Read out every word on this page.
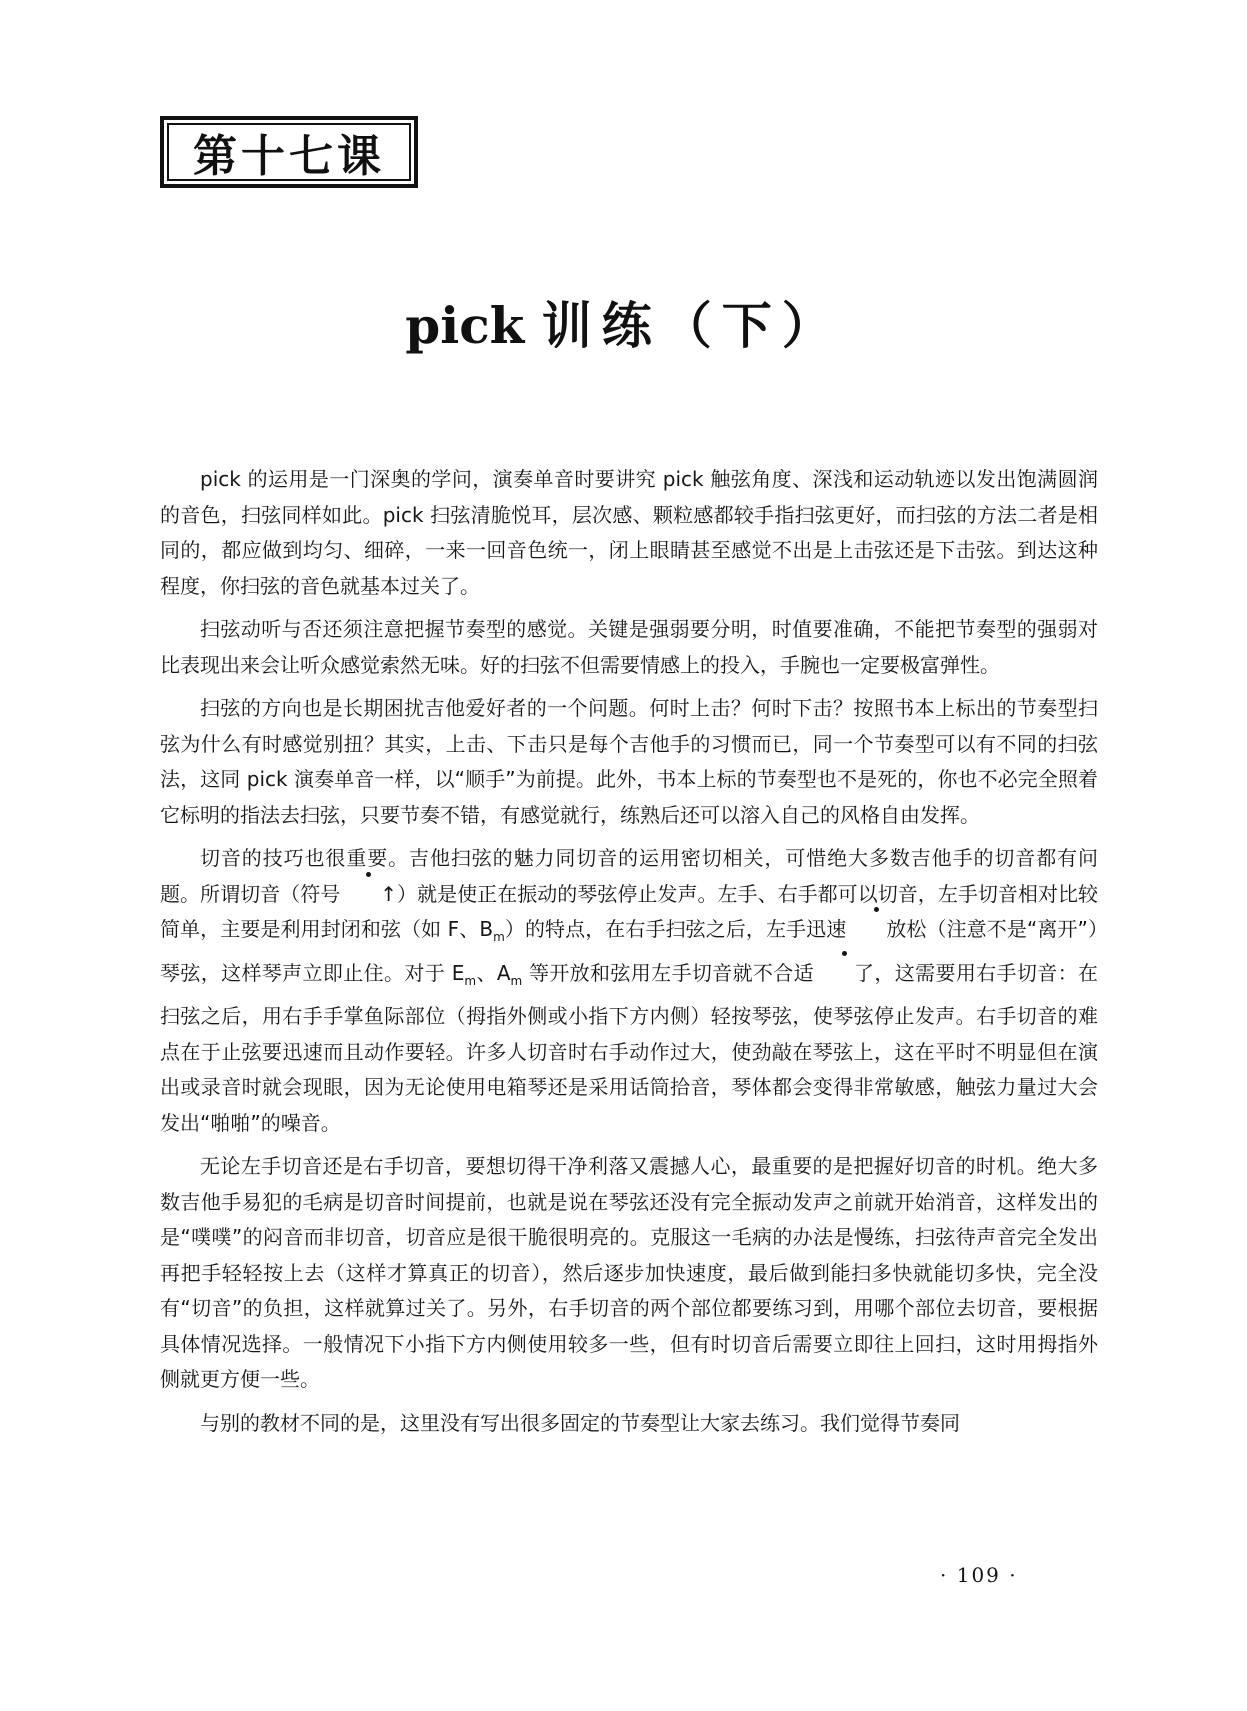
第十七课
pick 训练（下）

pick 的运用是一门深奥的学问，演奏单音时要讲究 pick 触弦角度、深浅和运动轨迹以发出饱满圆润的音色，扫弦同样如此。pick 扫弦清脆悦耳，层次感、颗粒感都较手指扫弦更好，而扫弦的方法二者是相同的，都应做到均匀、细碎，一来一回音色统一，闭上眼睛甚至感觉不出是上击弦还是下击弦。到达这种程度，你扫弦的音色就基本过关了。

扫弦动听与否还须注意把握节奏型的感觉。关键是强弱要分明，时值要准确，不能把节奏型的强弱对比表现出来会让听众感觉索然无味。好的扫弦不但需要情感上的投入，手腕也一定要极富弹性。

扫弦的方向也是长期困扰吉他爱好者的一个问题。何时上击？何时下击？按照书本上标出的节奏型扫弦为什么有时感觉别扭？其实，上击、下击只是每个吉他手的习惯而已，同一个节奏型可以有不同的扫弦法，这同 pick 演奏单音一样，以“顺手”为前提。此外，书本上标的节奏型也不是死的，你也不必完全照着它标明的指法去扫弦，只要节奏不错，有感觉就行，练熟后还可以溶入自己的风格自由发挥。

切音的技巧也很重要。吉他扫弦的魅力同切音的运用密切相关，可惜绝大多数吉他手的切音都有问题。所谓切音（符号 ↑）就是使正在振动的琴弦停止发声。左手、右手都可以切音，左手切音相对比较简单，主要是利用封闭和弦（如 F、$B_m$）的特点，在右手扫弦之后，左手迅速 放松（注意不是“离开”）琴弦，这样琴声立即止住。对于 $E_m$、$A_m$ 等开放和弦用左手切音就不合适 了，这需要用右手切音：在扫弦之后，用右手手掌鱼际部位（拇指外侧或小指下方内侧）轻按琴弦，使琴弦停止发声。右手切音的难点在于止弦要迅速而且动作要轻。许多人切音时右手动作过大，使劲敲在琴弦上，这在平时不明显但在演出或录音时就会现眼，因为无论使用电箱琴还是采用话筒拾音，琴体都会变得非常敏感，触弦力量过大会发出“啪啪”的噪音。

无论左手切音还是右手切音，要想切得干净利落又震撼人心，最重要的是把握好切音的时机。绝大多数吉他手易犯的毛病是切音时间提前，也就是说在琴弦还没有完全振动发声之前就开始消音，这样发出的是“噗噗”的闷音而非切音，切音应是很干脆很明亮的。克服这一毛病的办法是慢练，扫弦待声音完全发出再把手轻轻按上去（这样才算真正的切音），然后逐步加快速度，最后做到能扫多快就能切多快，完全没有“切音”的负担，这样就算过关了。另外，右手切音的两个部位都要练习到，用哪个部位去切音，要根据具体情况选择。一般情况下小指下方内侧使用较多一些，但有时切音后需要立即往上回扫，这时用拇指外侧就更方便一些。

与别的教材不同的是，这里没有写出很多固定的节奏型让大家去练习。我们觉得节奏同

· 109 ·
